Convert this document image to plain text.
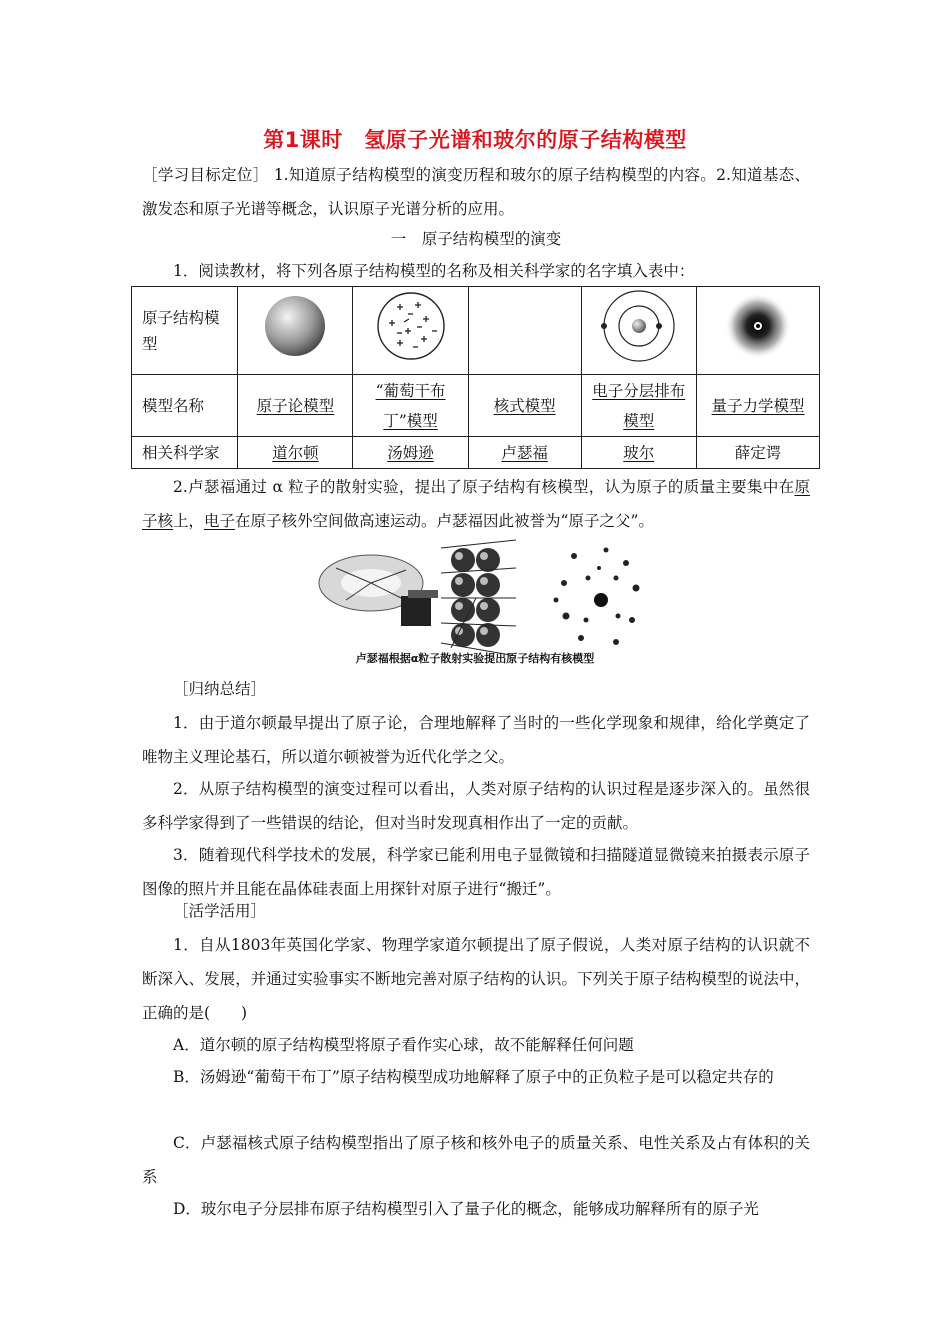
第1课时　氢原子光谱和玻尔的原子结构模型
［学习目标定位］ 1.知道原子结构模型的演变历程和玻尔的原子结构模型的内容。2.知道基态、激发态和原子光谱等概念，认识原子光谱分析的应用。
一　原子结构模型的演变
1．阅读教材，将下列各原子结构模型的名称及相关科学家的名字填入表中：
原子结构模型					
模型名称	原子论模型	“葡萄干布丁”模型	核式模型	电子分层排布模型	量子力学模型
相关科学家	道尔顿	汤姆逊	卢瑟福	玻尔	薛定谔
2.卢瑟福通过 α 粒子的散射实验，提出了原子结构有核模型，认为原子的质量主要集中在原子核上，电子在原子核外空间做高速运动。卢瑟福因此被誉为“原子之父”。
卢瑟福根据α粒子散射实验提出原子结构有核模型
［归纳总结］
1．由于道尔顿最早提出了原子论，合理地解释了当时的一些化学现象和规律，给化学奠定了唯物主义理论基石，所以道尔顿被誉为近代化学之父。
2．从原子结构模型的演变过程可以看出，人类对原子结构的认识过程是逐步深入的。虽然很多科学家得到了一些错误的结论，但对当时发现真相作出了一定的贡献。
3．随着现代科学技术的发展，科学家已能利用电子显微镜和扫描隧道显微镜来拍摄表示原子图像的照片并且能在晶体硅表面上用探针对原子进行“搬迁”。
［活学活用］
1．自从1803年英国化学家、物理学家道尔顿提出了原子假说，人类对原子结构的认识就不断深入、发展，并通过实验事实不断地完善对原子结构的认识。下列关于原子结构模型的说法中，正确的是(　　)
A．道尔顿的原子结构模型将原子看作实心球，故不能解释任何问题
B．汤姆逊“葡萄干布丁”原子结构模型成功地解释了原子中的正负粒子是可以稳定共存的
C．卢瑟福核式原子结构模型指出了原子核和核外电子的质量关系、电性关系及占有体积的关系
D．玻尔电子分层排布原子结构模型引入了量子化的概念，能够成功解释所有的原子光
